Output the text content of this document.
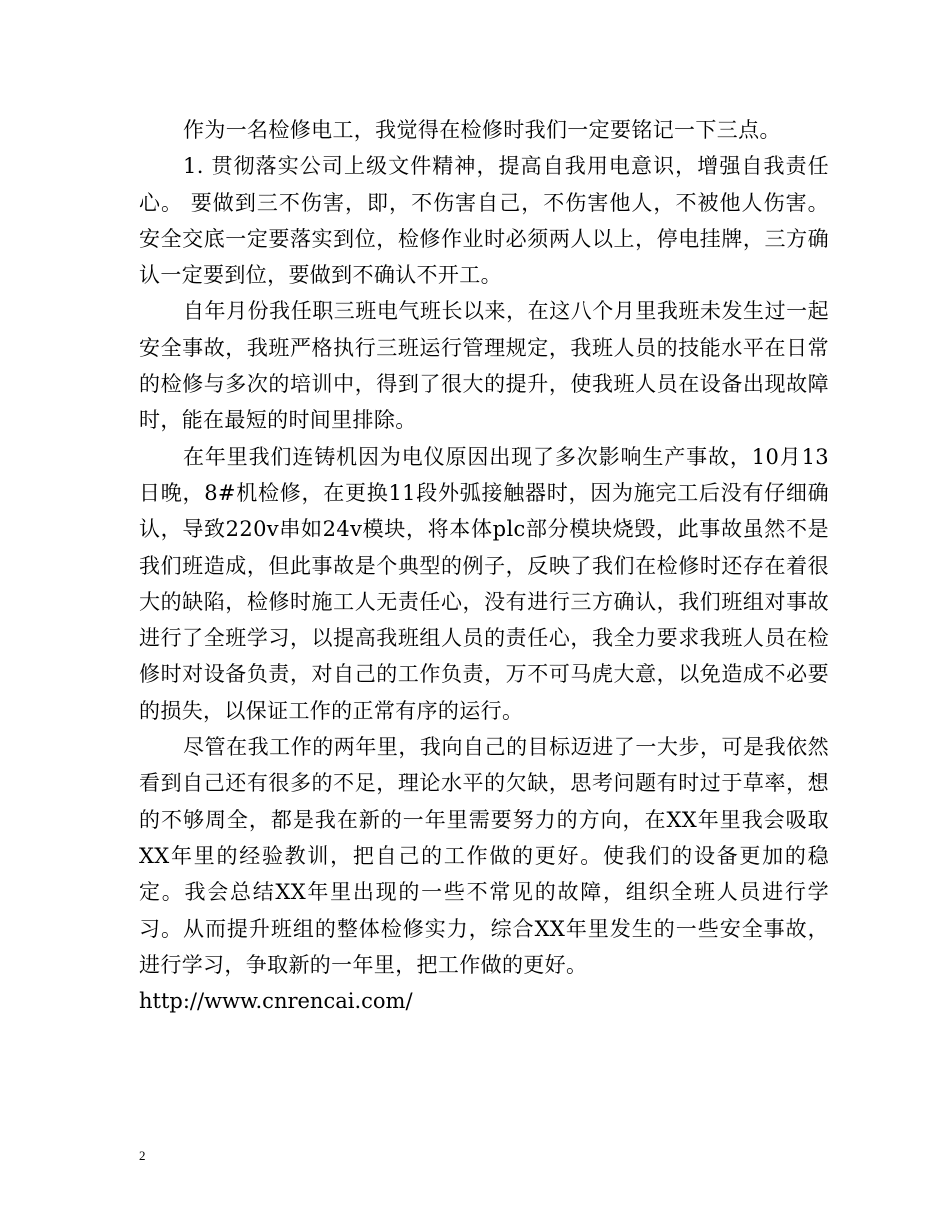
作为一名检修电工，我觉得在检修时我们一定要铭记一下三点。

1. 贯彻落实公司上级文件精神，提高自我用电意识，增强自我责任心。 要做到三不伤害，即，不伤害自己，不伤害他人，不被他人伤害。 安全交底一定要落实到位，检修作业时必须两人以上，停电挂牌，三方确认一定要到位，要做到不确认不开工。

自年月份我任职三班电气班长以来，在这八个月里我班未发生过一起安全事故，我班严格执行三班运行管理规定，我班人员的技能水平在日常的检修与多次的培训中，得到了很大的提升，使我班人员在设备出现故障时，能在最短的时间里排除。

在年里我们连铸机因为电仪原因出现了多次影响生产事故，10月13日晚，8#机检修，在更换11段外弧接触器时，因为施完工后没有仔细确认，导致220v串如24v模块，将本体plc部分模块烧毁，此事故虽然不是我们班造成，但此事故是个典型的例子，反映了我们在检修时还存在着很大的缺陷，检修时施工人无责任心，没有进行三方确认，我们班组对事故进行了全班学习，以提高我班组人员的责任心，我全力要求我班人员在检修时对设备负责，对自己的工作负责，万不可马虎大意，以免造成不必要的损失，以保证工作的正常有序的运行。

尽管在我工作的两年里，我向自己的目标迈进了一大步，可是我依然看到自己还有很多的不足，理论水平的欠缺，思考问题有时过于草率，想的不够周全，都是我在新的一年里需要努力的方向，在XX年里我会吸取XX年里的经验教训，把自己的工作做的更好。使我们的设备更加的稳定。我会总结XX年里出现的一些不常见的故障，组织全班人员进行学习。从而提升班组的整体检修实力，综合XX年里发生的一些安全事故，进行学习，争取新的一年里，把工作做的更好。

http://www.cnrencai.com/

2
